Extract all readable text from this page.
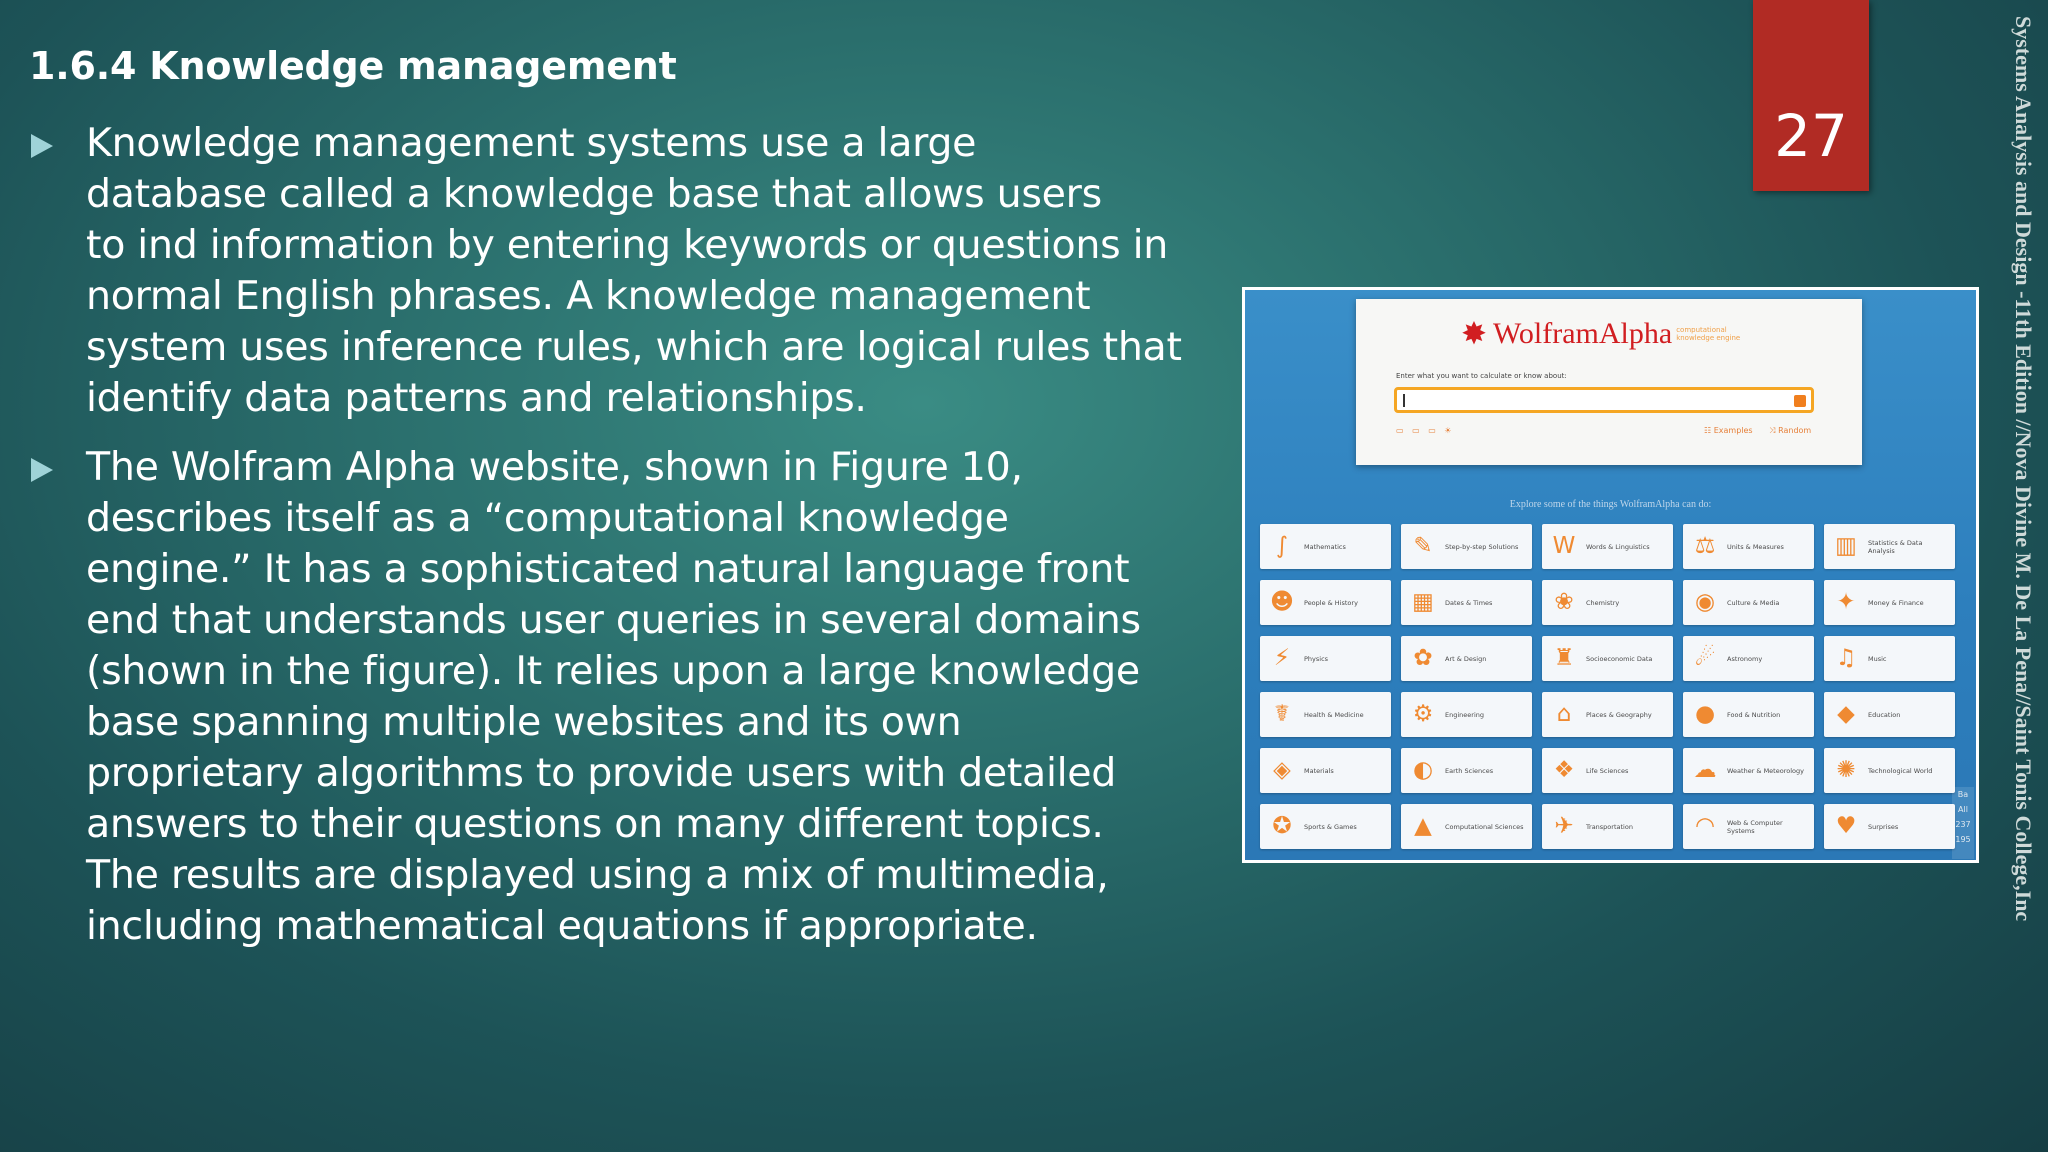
1.6.4 Knowledge management
Knowledge management systems use a large
database called a knowledge base that allows users
to ind information by entering keywords or questions in
normal English phrases. A knowledge management
system uses inference rules, which are logical rules that
identify data patterns and relationships.
The Wolfram Alpha website, shown in Figure 10,
describes itself as a “computational knowledge
engine.” It has a sophisticated natural language front
end that understands user queries in several domains
(shown in the figure). It relies upon a large knowledge
base spanning multiple websites and its own
proprietary algorithms to provide users with detailed
answers to their questions on many different topics.
The results are displayed using a mix of multimedia,
including mathematical equations if appropriate.
27	Systems Analysis and Design -11th Edition //Nova Divine M. De La Pena//Saint Tonis College,Inc
✸ WolframAlpha computational knowledge engine
Enter what you want to calculate or know about:
▭ ▭ ▭ ☀	☷ Examples ⤨ Random
Explore some of the things WolframAlpha can do:
∫	Mathematics	✎	Step-by-step Solutions	W	Words & Linguistics	⚖	Units & Measures	▥	Statistics & Data Analysis
☻	People & History	▦	Dates & Times	❀	Chemistry	◉	Culture & Media	✦	Money & Finance
⚡	Physics	✿	Art & Design	♜	Socioeconomic Data	☄	Astronomy	♫	Music
☤	Health & Medicine	⚙	Engineering	⌂	Places & Geography	●	Food & Nutrition	◆	Education
◈	Materials	◐	Earth Sciences	❖	Life Sciences	☁	Weather & Meteorology	✺	Technological World
✪	Sports & Games	▲	Computational Sciences	✈	Transportation	◠	Web & Computer Systems	♥	Surprises
Ba
All
237
195
